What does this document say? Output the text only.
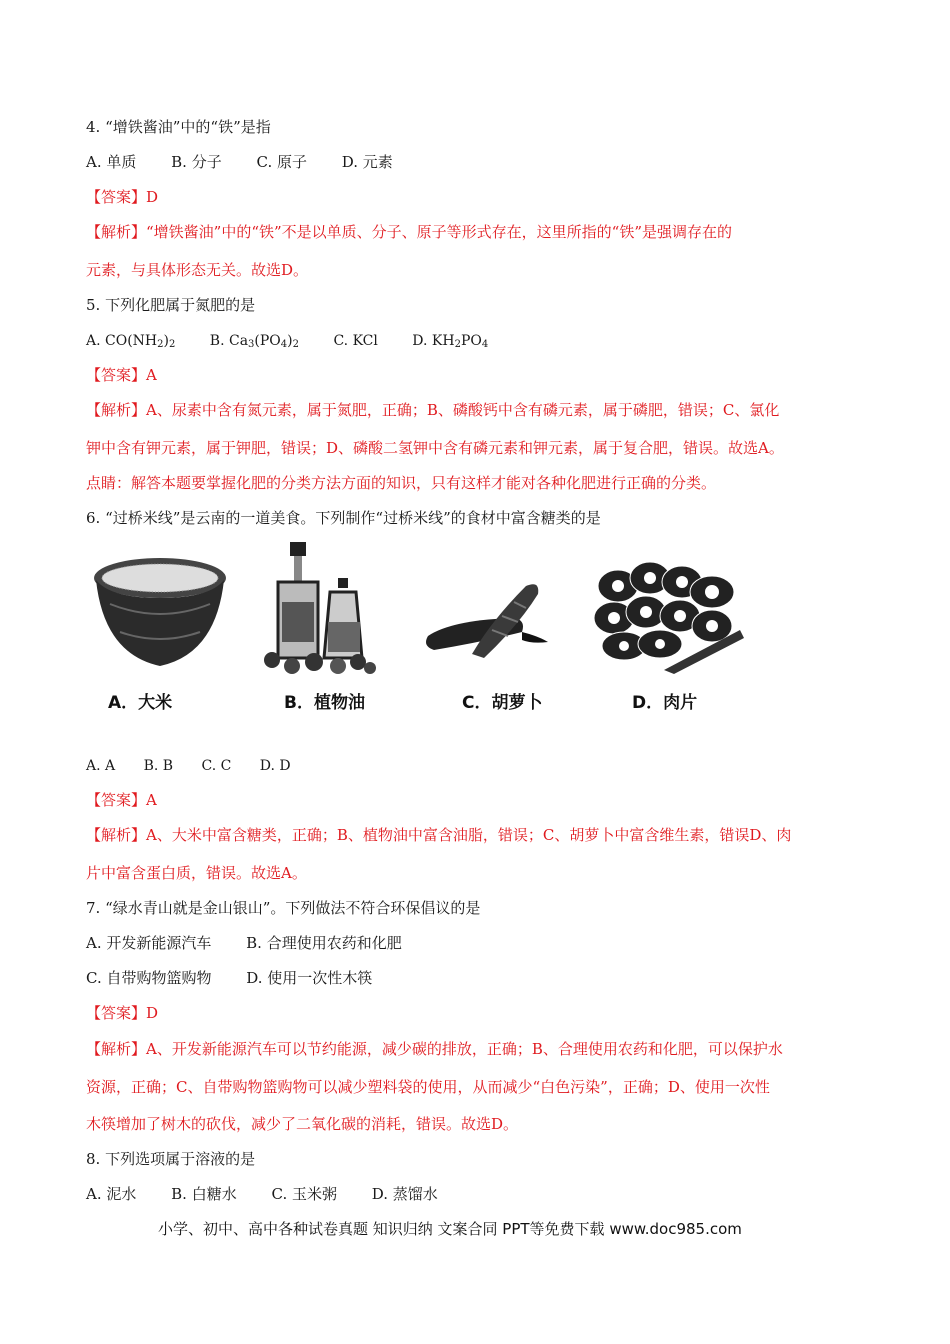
4. “增铁酱油”中的“铁”是指
A. 单质 B. 分子 C. 原子 D. 元素
【答案】D
【解析】“增铁酱油”中的“铁”不是以单质、分子、原子等形式存在，这里所指的“铁”是强调存在的
元素，与具体形态无关。故选D。
5. 下列化肥属于氮肥的是
A. $CO(NH_2)_2$ B. $Ca_3(PO_4)_2$ C. KCl D. $KH_2PO_4$
【答案】A
【解析】A、尿素中含有氮元素，属于氮肥，正确；B、磷酸钙中含有磷元素，属于磷肥，错误；C、氯化
钾中含有钾元素，属于钾肥，错误；D、磷酸二氢钾中含有磷元素和钾元素，属于复合肥，错误。故选A。
点睛：解答本题要掌握化肥的分类方法方面的知识，只有这样才能对各种化肥进行正确的分类。
6. “过桥米线”是云南的一道美食。下列制作“过桥米线”的食材中富含糖类的是
A．大米	B．植物油	C．胡萝卜	D．肉片
A. A B. B C. C D. D
【答案】A
【解析】A、大米中富含糖类，正确；B、植物油中富含油脂，错误；C、胡萝卜中富含维生素，错误D、肉
片中富含蛋白质，错误。故选A。
7. “绿水青山就是金山银山”。下列做法不符合环保倡议的是
A. 开发新能源汽车 B. 合理使用农药和化肥
C. 自带购物篮购物 D. 使用一次性木筷
【答案】D
【解析】A、开发新能源汽车可以节约能源，减少碳的排放，正确；B、合理使用农药和化肥，可以保护水
资源，正确；C、自带购物篮购物可以减少塑料袋的使用，从而减少“白色污染”，正确；D、使用一次性
木筷增加了树木的砍伐，减少了二氧化碳的消耗，错误。故选D。
8. 下列选项属于溶液的是
A. 泥水 B. 白糖水 C. 玉米粥 D. 蒸馏水
小学、初中、高中各种试卷真题 知识归纳 文案合同 PPT等免费下载 www.doc985.com
